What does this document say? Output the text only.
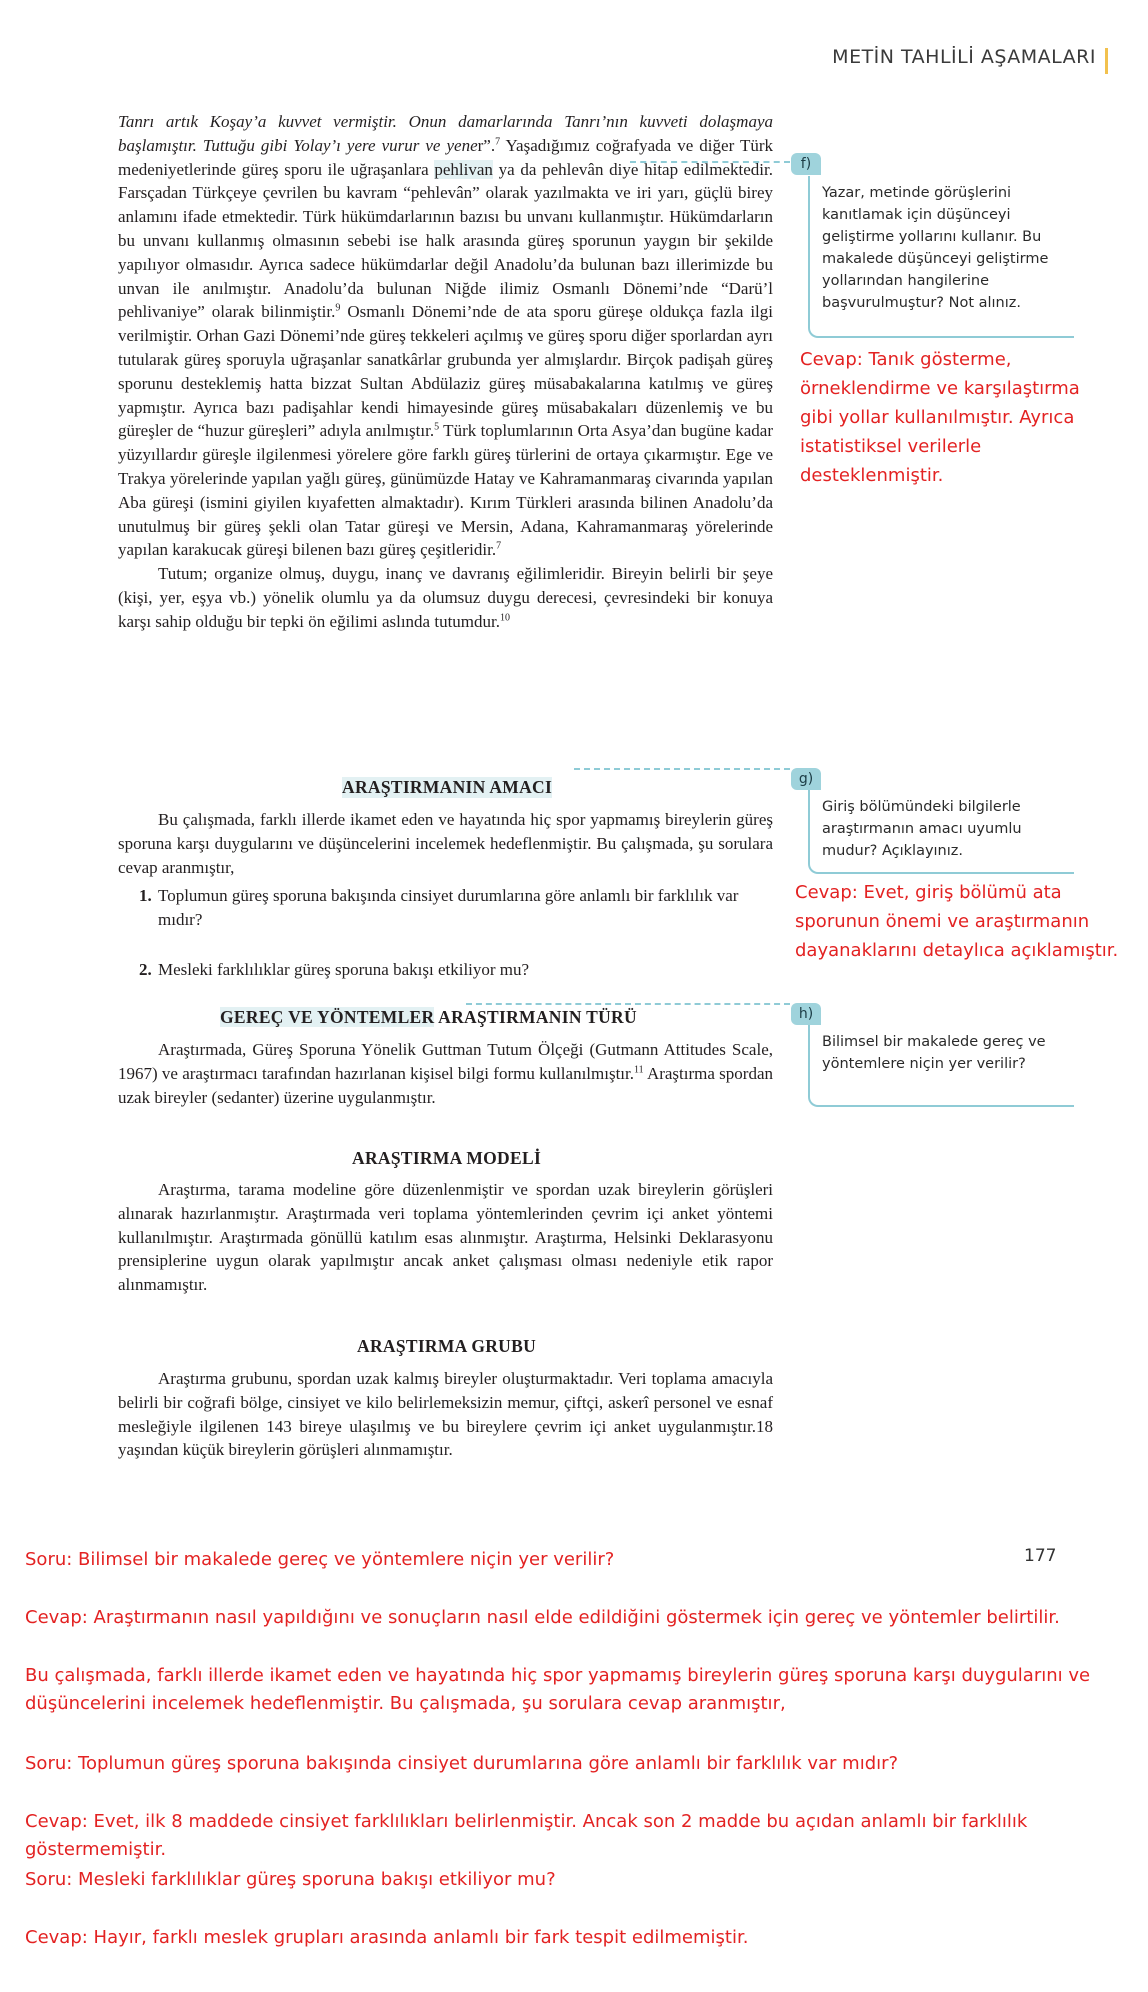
METİN TAHLİLİ AŞAMALARI

Tanrı artık Koşay’a kuvvet vermiştir. Onun damarlarında Tanrı’nın kuvveti dolaşmaya başlamıştır. Tuttuğu gibi Yolay’ı yere vurur ve yener”.$^7$ Yaşadığımız coğrafyada ve diğer Türk medeniyetlerinde güreş sporu ile uğraşanlara pehlivan ya da pehlevân diye hitap edilmektedir. Farsçadan Türkçeye çevrilen bu kavram “pehlevân” olarak yazılmakta ve iri yarı, güçlü birey anlamını ifade etmektedir. Türk hükümdarlarının bazısı bu unvanı kullanmıştır. Hükümdarların bu unvanı kullanmış olmasının sebebi ise halk arasında güreş sporunun yaygın bir şekilde yapılıyor olmasıdır. Ayrıca sadece hükümdarlar değil Anadolu’da bulunan bazı illerimizde bu unvan ile anılmıştır. Anadolu’da bulunan Niğde ilimiz Osmanlı Dönemi’nde “Darü’l pehlivaniye” olarak bilinmiştir.$^9$ Osmanlı Dönemi’nde de ata sporu güreşe oldukça fazla ilgi verilmiştir. Orhan Gazi Dönemi’nde güreş tekkeleri açılmış ve güreş sporu diğer sporlardan ayrı tutularak güreş sporuyla uğraşanlar sanatkârlar grubunda yer almışlardır. Birçok padişah güreş sporunu desteklemiş hatta bizzat Sultan Abdülaziz güreş müsabakalarına katılmış ve güreş yapmıştır. Ayrıca bazı padişahlar kendi himayesinde güreş müsabakaları düzenlemiş ve bu güreşler de “huzur güreşleri” adıyla anılmıştır.$^5$ Türk toplumlarının Orta Asya’dan bugüne kadar yüzyıllardır güreşle ilgilenmesi yörelere göre farklı güreş türlerini de ortaya çıkarmıştır. Ege ve Trakya yörelerinde yapılan yağlı güreş, günümüzde Hatay ve Kahramanmaraş civarında yapılan Aba güreşi (ismini giyilen kıyafetten almaktadır). Kırım Türkleri arasında bilinen Anadolu’da unutulmuş bir güreş şekli olan Tatar güreşi ve Mersin, Adana, Kahramanmaraş yörelerinde yapılan karakucak güreşi bilenen bazı güreş çeşitleridir.$^7$

Tutum; organize olmuş, duygu, inanç ve davranış eğilimleridir. Bireyin belirli bir şeye (kişi, yer, eşya vb.) yönelik olumlu ya da olumsuz duygu derecesi, çevresindeki bir konuya karşı sahip olduğu bir tepki ön eğilimi aslında tutumdur.$^{10}$

ARAŞTIRMANIN AMACI

Bu çalışmada, farklı illerde ikamet eden ve hayatında hiç spor yapmamış bireylerin güreş sporuna karşı duygularını ve düşüncelerini incelemek hedeflenmiştir. Bu çalışmada, şu sorulara cevap aranmıştır,

1. Toplumun güreş sporuna bakışında cinsiyet durumlarına göre anlamlı bir farklılık var mıdır?
2. Mesleki farklılıklar güreş sporuna bakışı etkiliyor mu?
GEREÇ VE YÖNTEMLER ARAŞTIRMANIN TÜRÜ

Araştırmada, Güreş Sporuna Yönelik Guttman Tutum Ölçeği (Gutmann Attitudes Scale, 1967) ve araştırmacı tarafından hazırlanan kişisel bilgi formu kullanılmıştır.$^{11}$ Araştırma spordan uzak bireyler (sedanter) üzerine uygulanmıştır.

ARAŞTIRMA MODELİ

Araştırma, tarama modeline göre düzenlenmiştir ve spordan uzak bireylerin görüşleri alınarak hazırlanmıştır. Araştırmada veri toplama yöntemlerinden çevrim içi anket yöntemi kullanılmıştır. Araştırmada gönüllü katılım esas alınmıştır. Araştırma, Helsinki Deklarasyonu prensiplerine uygun olarak yapılmıştır ancak anket çalışması olması nedeniyle etik rapor alınmamıştır.

ARAŞTIRMA GRUBU

Araştırma grubunu, spordan uzak kalmış bireyler oluşturmaktadır. Veri toplama amacıyla belirli bir coğrafi bölge, cinsiyet ve kilo belirlemeksizin memur, çiftçi, askerî personel ve esnaf mesleğiyle ilgilenen 143 bireye ulaşılmış ve bu bireylere çevrim içi anket uygulanmıştır.18 yaşından küçük bireylerin görüşleri alınmamıştır.

f)
Yazar, metinde görüşlerini kanıtlamak için düşünceyi geliştirme yollarını kullanır. Bu makalede düşünceyi geliştirme yollarından hangilerine başvurulmuştur? Not alınız.
Cevap: Tanık gösterme, örneklendirme ve karşılaştırma gibi yollar kullanılmıştır. Ayrıca istatistiksel verilerle desteklenmiştir.
g)
Giriş bölümündeki bilgilerle araştırmanın amacı uyumlu mudur? Açıklayınız.
Cevap: Evet, giriş bölümü ata sporunun önemi ve araştırmanın dayanaklarını detaylıca açıklamıştır.
h)
Bilimsel bir makalede gereç ve yöntemlere niçin yer verilir?
177
Soru: Bilimsel bir makalede gereç ve yöntemlere niçin yer verilir?
Cevap: Araştırmanın nasıl yapıldığını ve sonuçların nasıl elde edildiğini göstermek için gereç ve yöntemler belirtilir.
Bu çalışmada, farklı illerde ikamet eden ve hayatında hiç spor yapmamış bireylerin güreş sporuna karşı duygularını ve düşüncelerini incelemek hedeflenmiştir. Bu çalışmada, şu sorulara cevap aranmıştır,
Soru: Toplumun güreş sporuna bakışında cinsiyet durumlarına göre anlamlı bir farklılık var mıdır?
Cevap: Evet, ilk 8 maddede cinsiyet farklılıkları belirlenmiştir. Ancak son 2 madde bu açıdan anlamlı bir farklılık göstermemiştir.
Soru: Mesleki farklılıklar güreş sporuna bakışı etkiliyor mu?
Cevap: Hayır, farklı meslek grupları arasında anlamlı bir fark tespit edilmemiştir.
